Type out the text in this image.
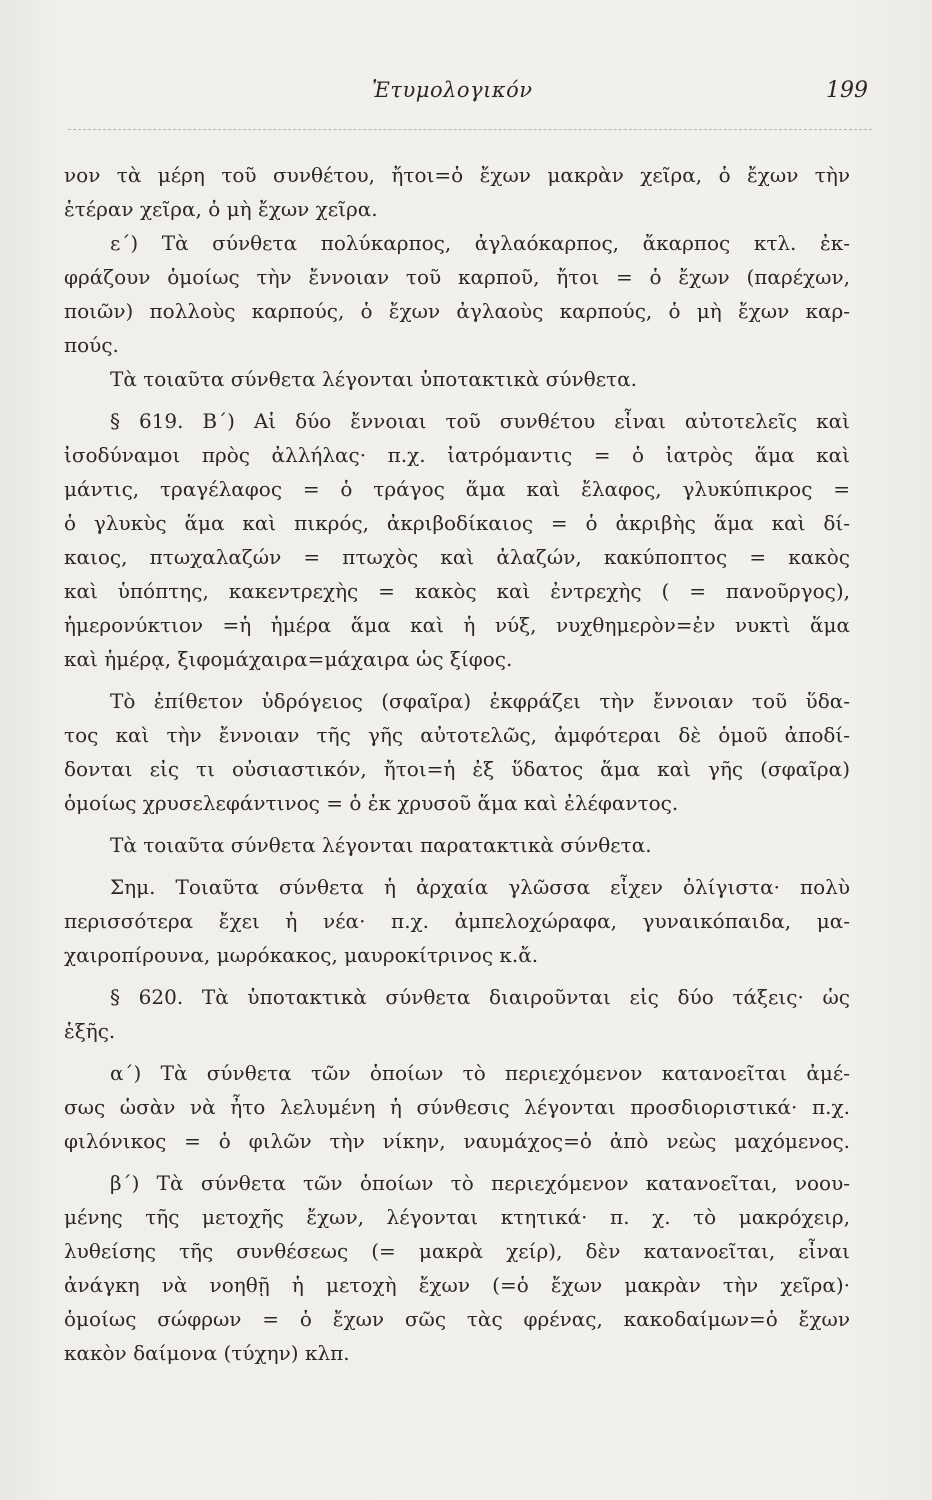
Ἐτυμολογικόν	199
νον τὰ μέρη τοῦ συνθέτου, ἤτοι=ὁ ἔχων μακρὰν χεῖρα, ὁ ἔχων τὴν
ἑτέραν χεῖρα, ὁ μὴ ἔχων χεῖρα.
ε΄) Τὰ σύνθετα πολύκαρπος, ἀγλαόκαρπος, ἄκαρπος κτλ. ἐκ-
φράζουν ὁμοίως τὴν ἔννοιαν τοῦ καρποῦ, ἤτοι = ὁ ἔχων (παρέχων,
ποιῶν) πολλοὺς καρπούς, ὁ ἔχων ἀγλαοὺς καρπούς, ὁ μὴ ἔχων καρ-
πούς.
Τὰ τοιαῦτα σύνθετα λέγονται ὑποτακτικὰ σύνθετα.
§ 619. Β΄) Αἱ δύο ἔννοιαι τοῦ συνθέτου εἶναι αὐτοτελεῖς καὶ
ἰσοδύναμοι πρὸς ἀλλήλας· π.χ. ἰατρόμαντις = ὁ ἰατρὸς ἅμα καὶ
μάντις, τραγέλαφος = ὁ τράγος ἅμα καὶ ἔλαφος, γλυκύπικρος =
ὁ γλυκὺς ἅμα καὶ πικρός, ἀκριβοδίκαιος = ὁ ἀκριβὴς ἅμα καὶ δί-
καιος, πτωχαλαζών = πτωχὸς καὶ ἀλαζών, κακύποπτος = κακὸς
καὶ ὑπόπτης, κακεντρεχὴς = κακὸς καὶ ἐντρεχὴς ( = πανοῦργος),
ἡμερονύκτιον =ἡ ἡμέρα ἅμα καὶ ἡ νύξ, νυχθημερὸν=ἐν νυκτὶ ἅμα
καὶ ἡμέρᾳ, ξιφομάχαιρα=μάχαιρα ὡς ξίφος.
Τὸ ἐπίθετον ὑδρόγειος (σφαῖρα) ἐκφράζει τὴν ἔννοιαν τοῦ ὕδα-
τος καὶ τὴν ἔννοιαν τῆς γῆς αὐτοτελῶς, ἀμφότεραι δὲ ὁμοῦ ἀποδί-
δονται εἰς τι οὐσιαστικόν, ἤτοι=ἡ ἐξ ὕδατος ἅμα καὶ γῆς (σφαῖρα)
ὁμοίως χρυσελεφάντινος = ὁ ἐκ χρυσοῦ ἅμα καὶ ἐλέφαντος.
Τὰ τοιαῦτα σύνθετα λέγονται παρατακτικὰ σύνθετα.
Σημ. Τοιαῦτα σύνθετα ἡ ἀρχαία γλῶσσα εἶχεν ὀλίγιστα· πολὺ
περισσότερα ἔχει ἡ νέα· π.χ. ἀμπελοχώραφα, γυναικόπαιδα, μα-
χαιροπίρουνα, μωρόκακος, μαυροκίτρινος κ.ἄ.
§ 620. Τὰ ὑποτακτικὰ σύνθετα διαιροῦνται εἰς δύο τάξεις· ὡς
ἑξῆς.
α΄) Τὰ σύνθετα τῶν ὁποίων τὸ περιεχόμενον κατανοεῖται ἀμέ-
σως ὡσὰν νὰ ἦτο λελυμένη ἡ σύνθεσις λέγονται προσδιοριστικά· π.χ.
φιλόνικος = ὁ φιλῶν τὴν νίκην, ναυμάχος=ὁ ἀπὸ νεὼς μαχόμενος.
β΄) Τὰ σύνθετα τῶν ὁποίων τὸ περιεχόμενον κατανοεῖται, νοου-
μένης τῆς μετοχῆς ἔχων, λέγονται κτητικά· π. χ. τὸ μακρόχειρ,
λυθείσης τῆς συνθέσεως (= μακρὰ χείρ), δὲν κατανοεῖται, εἶναι
ἀνάγκη νὰ νοηθῇ ἡ μετοχὴ ἔχων (=ὁ ἔχων μακρὰν τὴν χεῖρα)·
ὁμοίως σώφρων = ὁ ἔχων σῶς τὰς φρένας, κακοδαίμων=ὁ ἔχων
κακὸν δαίμονα (τύχην) κλπ.
